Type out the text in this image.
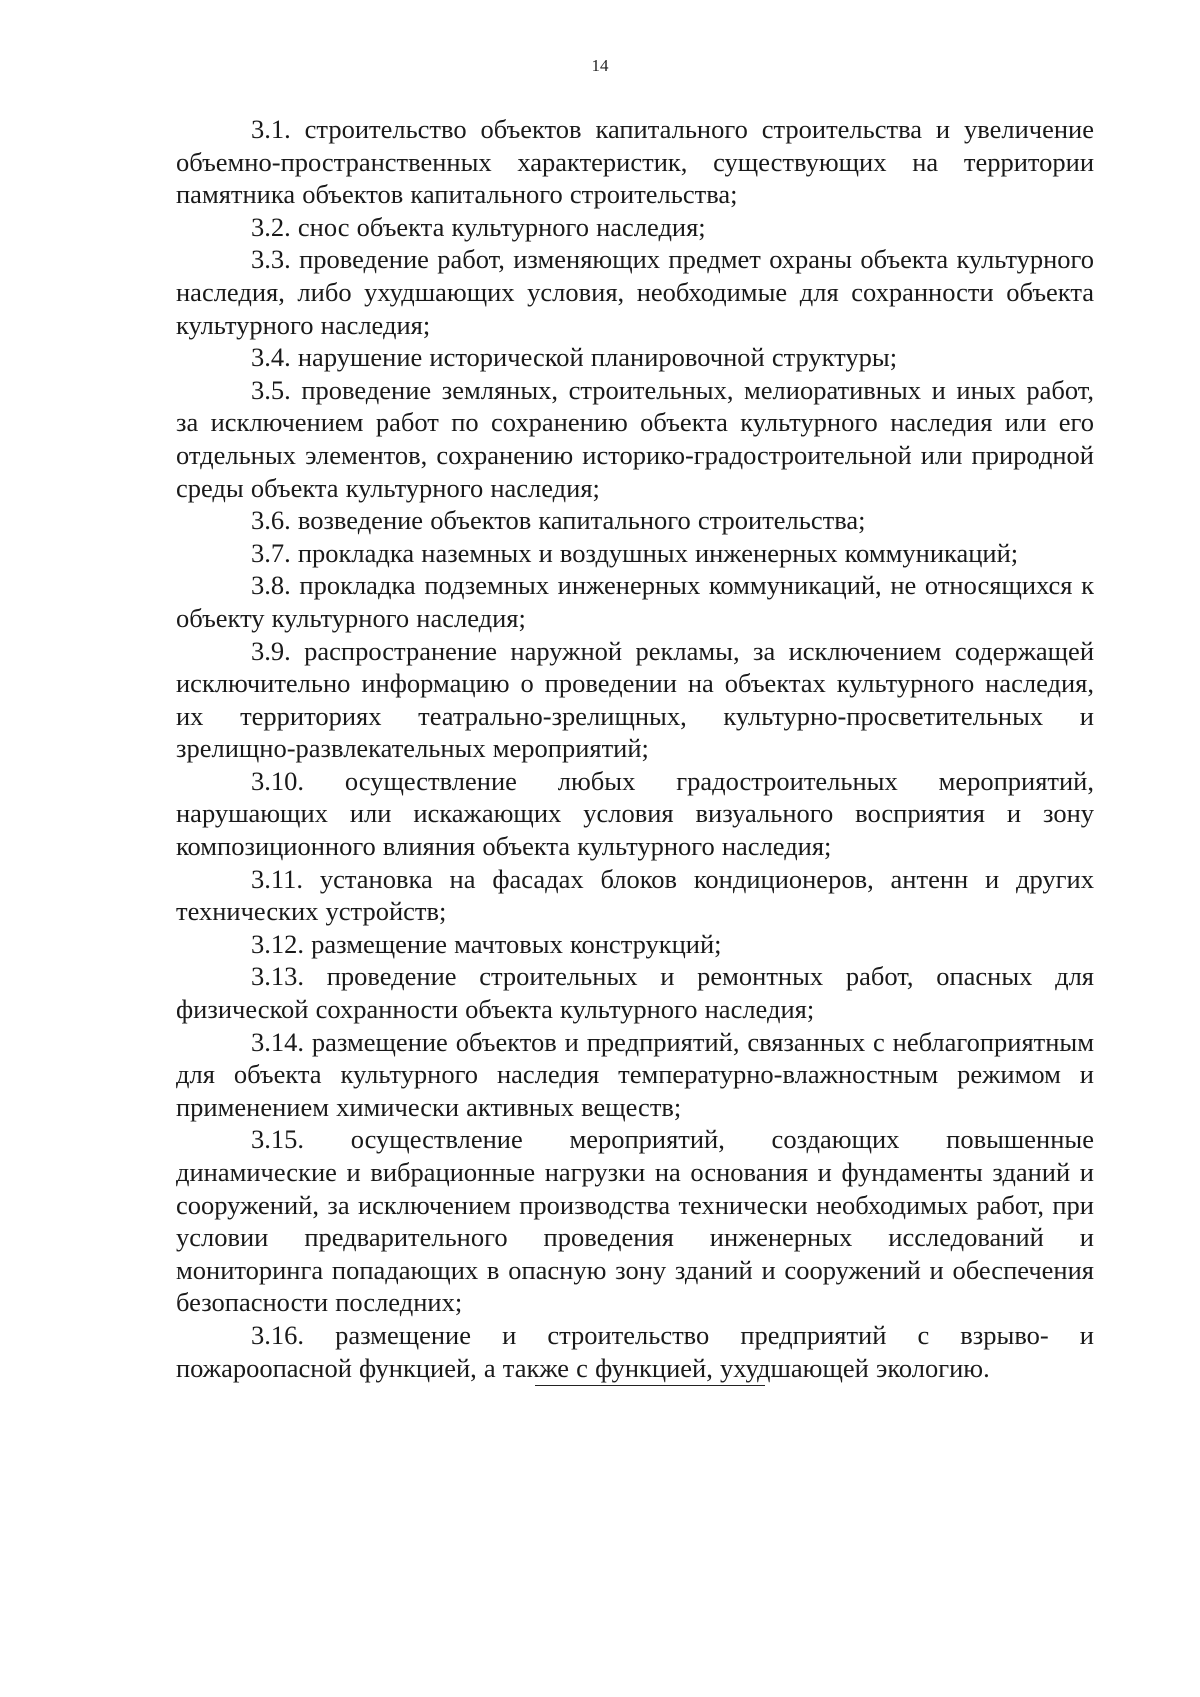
14

3.1. строительство объектов капитального строительства и увеличение объемно-пространственных характеристик, существующих на территории памятника объектов капитального строительства;

3.2. снос объекта культурного наследия;

3.3. проведение работ, изменяющих предмет охраны объекта культурного наследия, либо ухудшающих условия, необходимые для сохранности объекта культурного наследия;

3.4. нарушение исторической планировочной структуры;

3.5. проведение земляных, строительных, мелиоративных и иных работ, за исключением работ по сохранению объекта культурного наследия или его отдельных элементов, сохранению историко-градостроительной или природной среды объекта культурного наследия;

3.6. возведение объектов капитального строительства;

3.7. прокладка наземных и воздушных инженерных коммуникаций;

3.8. прокладка подземных инженерных коммуникаций, не относящихся к объекту культурного наследия;

3.9. распространение наружной рекламы, за исключением содержащей исключительно информацию о проведении на объектах культурного наследия, их территориях театрально-зрелищных, культурно-просветительных и зрелищно-развлекательных мероприятий;

3.10. осуществление любых градостроительных мероприятий, нарушающих или искажающих условия визуального восприятия и зону композиционного влияния объекта культурного наследия;

3.11. установка на фасадах блоков кондиционеров, антенн и других технических устройств;

3.12. размещение мачтовых конструкций;

3.13. проведение строительных и ремонтных работ, опасных для физической сохранности объекта культурного наследия;

3.14. размещение объектов и предприятий, связанных с неблагоприятным для объекта культурного наследия температурно-влажностным режимом и применением химически активных веществ;

3.15. осуществление мероприятий, создающих повышенные динамические и вибрационные нагрузки на основания и фундаменты зданий и сооружений, за исключением производства технически необходимых работ, при условии предварительного проведения инженерных исследований и мониторинга попадающих в опасную зону зданий и сооружений и обеспечения безопасности последних;

3.16. размещение и строительство предприятий с взрыво- и пожароопасной функцией, а также с функцией, ухудшающей экологию.
